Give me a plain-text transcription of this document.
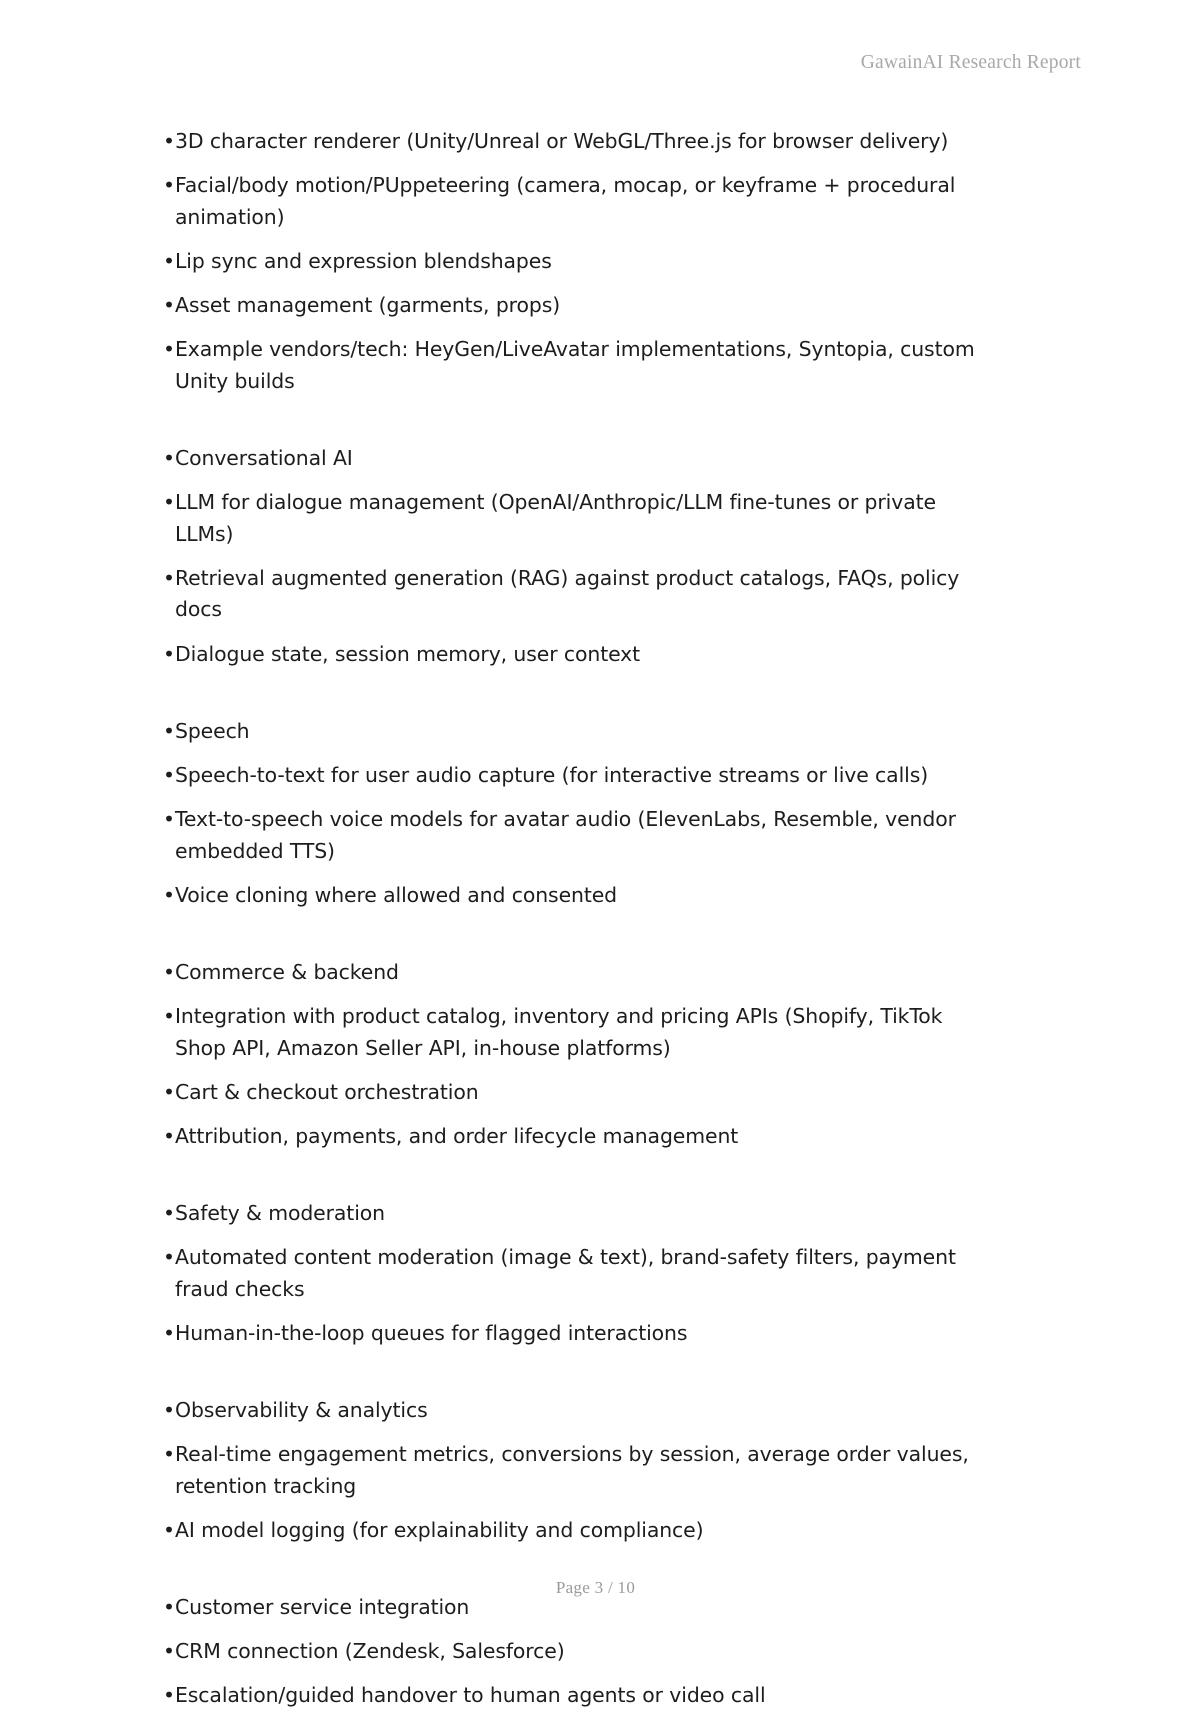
GawainAI Research Report
• 3D character renderer (Unity/Unreal or WebGL/Three.js for browser delivery)
• Facial/body motion/PUppeteering (camera, mocap, or keyframe + procedural animation)
• Lip sync and expression blendshapes
• Asset management (garments, props)
• Example vendors/tech: HeyGen/LiveAvatar implementations, Syntopia, custom Unity builds
• Conversational AI
• LLM for dialogue management (OpenAI/Anthropic/LLM fine-tunes or private LLMs)
• Retrieval augmented generation (RAG) against product catalogs, FAQs, policy docs
• Dialogue state, session memory, user context
• Speech
• Speech-to-text for user audio capture (for interactive streams or live calls)
• Text-to-speech voice models for avatar audio (ElevenLabs, Resemble, vendor embedded TTS)
• Voice cloning where allowed and consented
• Commerce & backend
• Integration with product catalog, inventory and pricing APIs (Shopify, TikTok Shop API, Amazon Seller API, in-house platforms)
• Cart & checkout orchestration
• Attribution, payments, and order lifecycle management
• Safety & moderation
• Automated content moderation (image & text), brand-safety filters, payment fraud checks
• Human-in-the-loop queues for flagged interactions
• Observability & analytics
• Real-time engagement metrics, conversions by session, average order values, retention tracking
• AI model logging (for explainability and compliance)
• Customer service integration
• CRM connection (Zendesk, Salesforce)
• Escalation/guided handover to human agents or video call
Page 3 / 10
